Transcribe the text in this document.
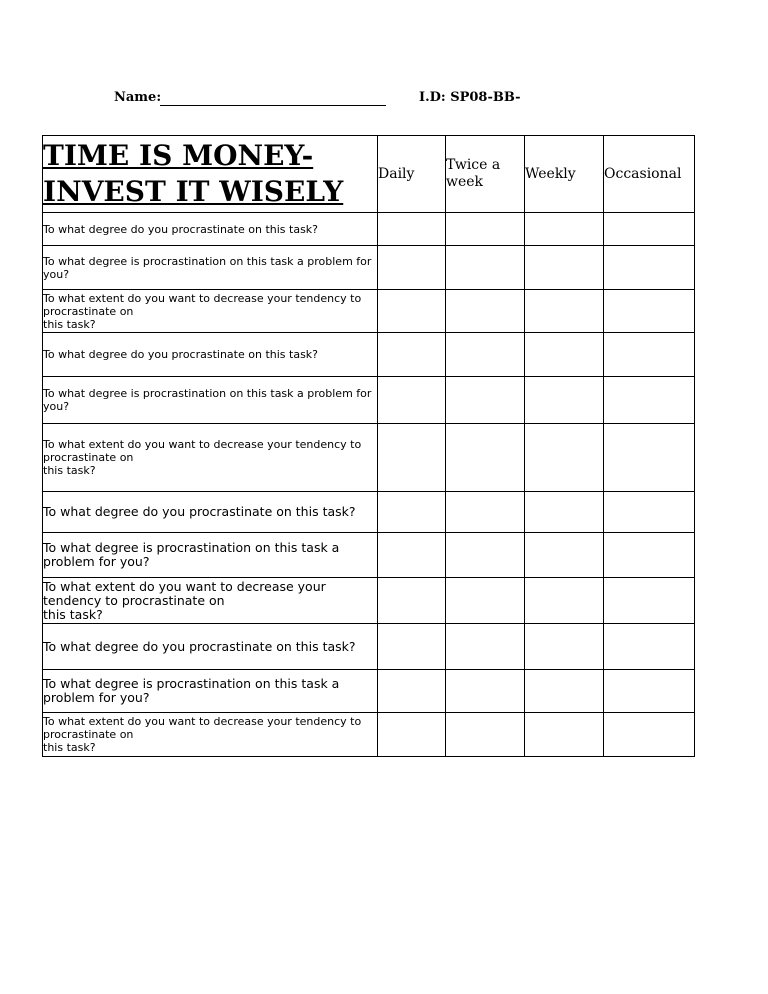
Name:	I.D: SP08-BB-
TIME IS MONEY- INVEST IT WISELY	Daily	Twice a week	Weekly	Occasional
To what degree do you procrastinate on this task?				
To what degree is procrastination on this task a problem for you?				
To what extent do you want to decrease your tendency to procrastinate on
this task?				
To what degree do you procrastinate on this task?				
To what degree is procrastination on this task a problem for you?				
To what extent do you want to decrease your tendency to procrastinate on
this task?				
To what degree do you procrastinate on this task?				
To what degree is procrastination on this task a problem for you?				
To what extent do you want to decrease your tendency to procrastinate on
this task?				
To what degree do you procrastinate on this task?				
To what degree is procrastination on this task a problem for you?				
To what extent do you want to decrease your tendency to procrastinate on
this task?				
